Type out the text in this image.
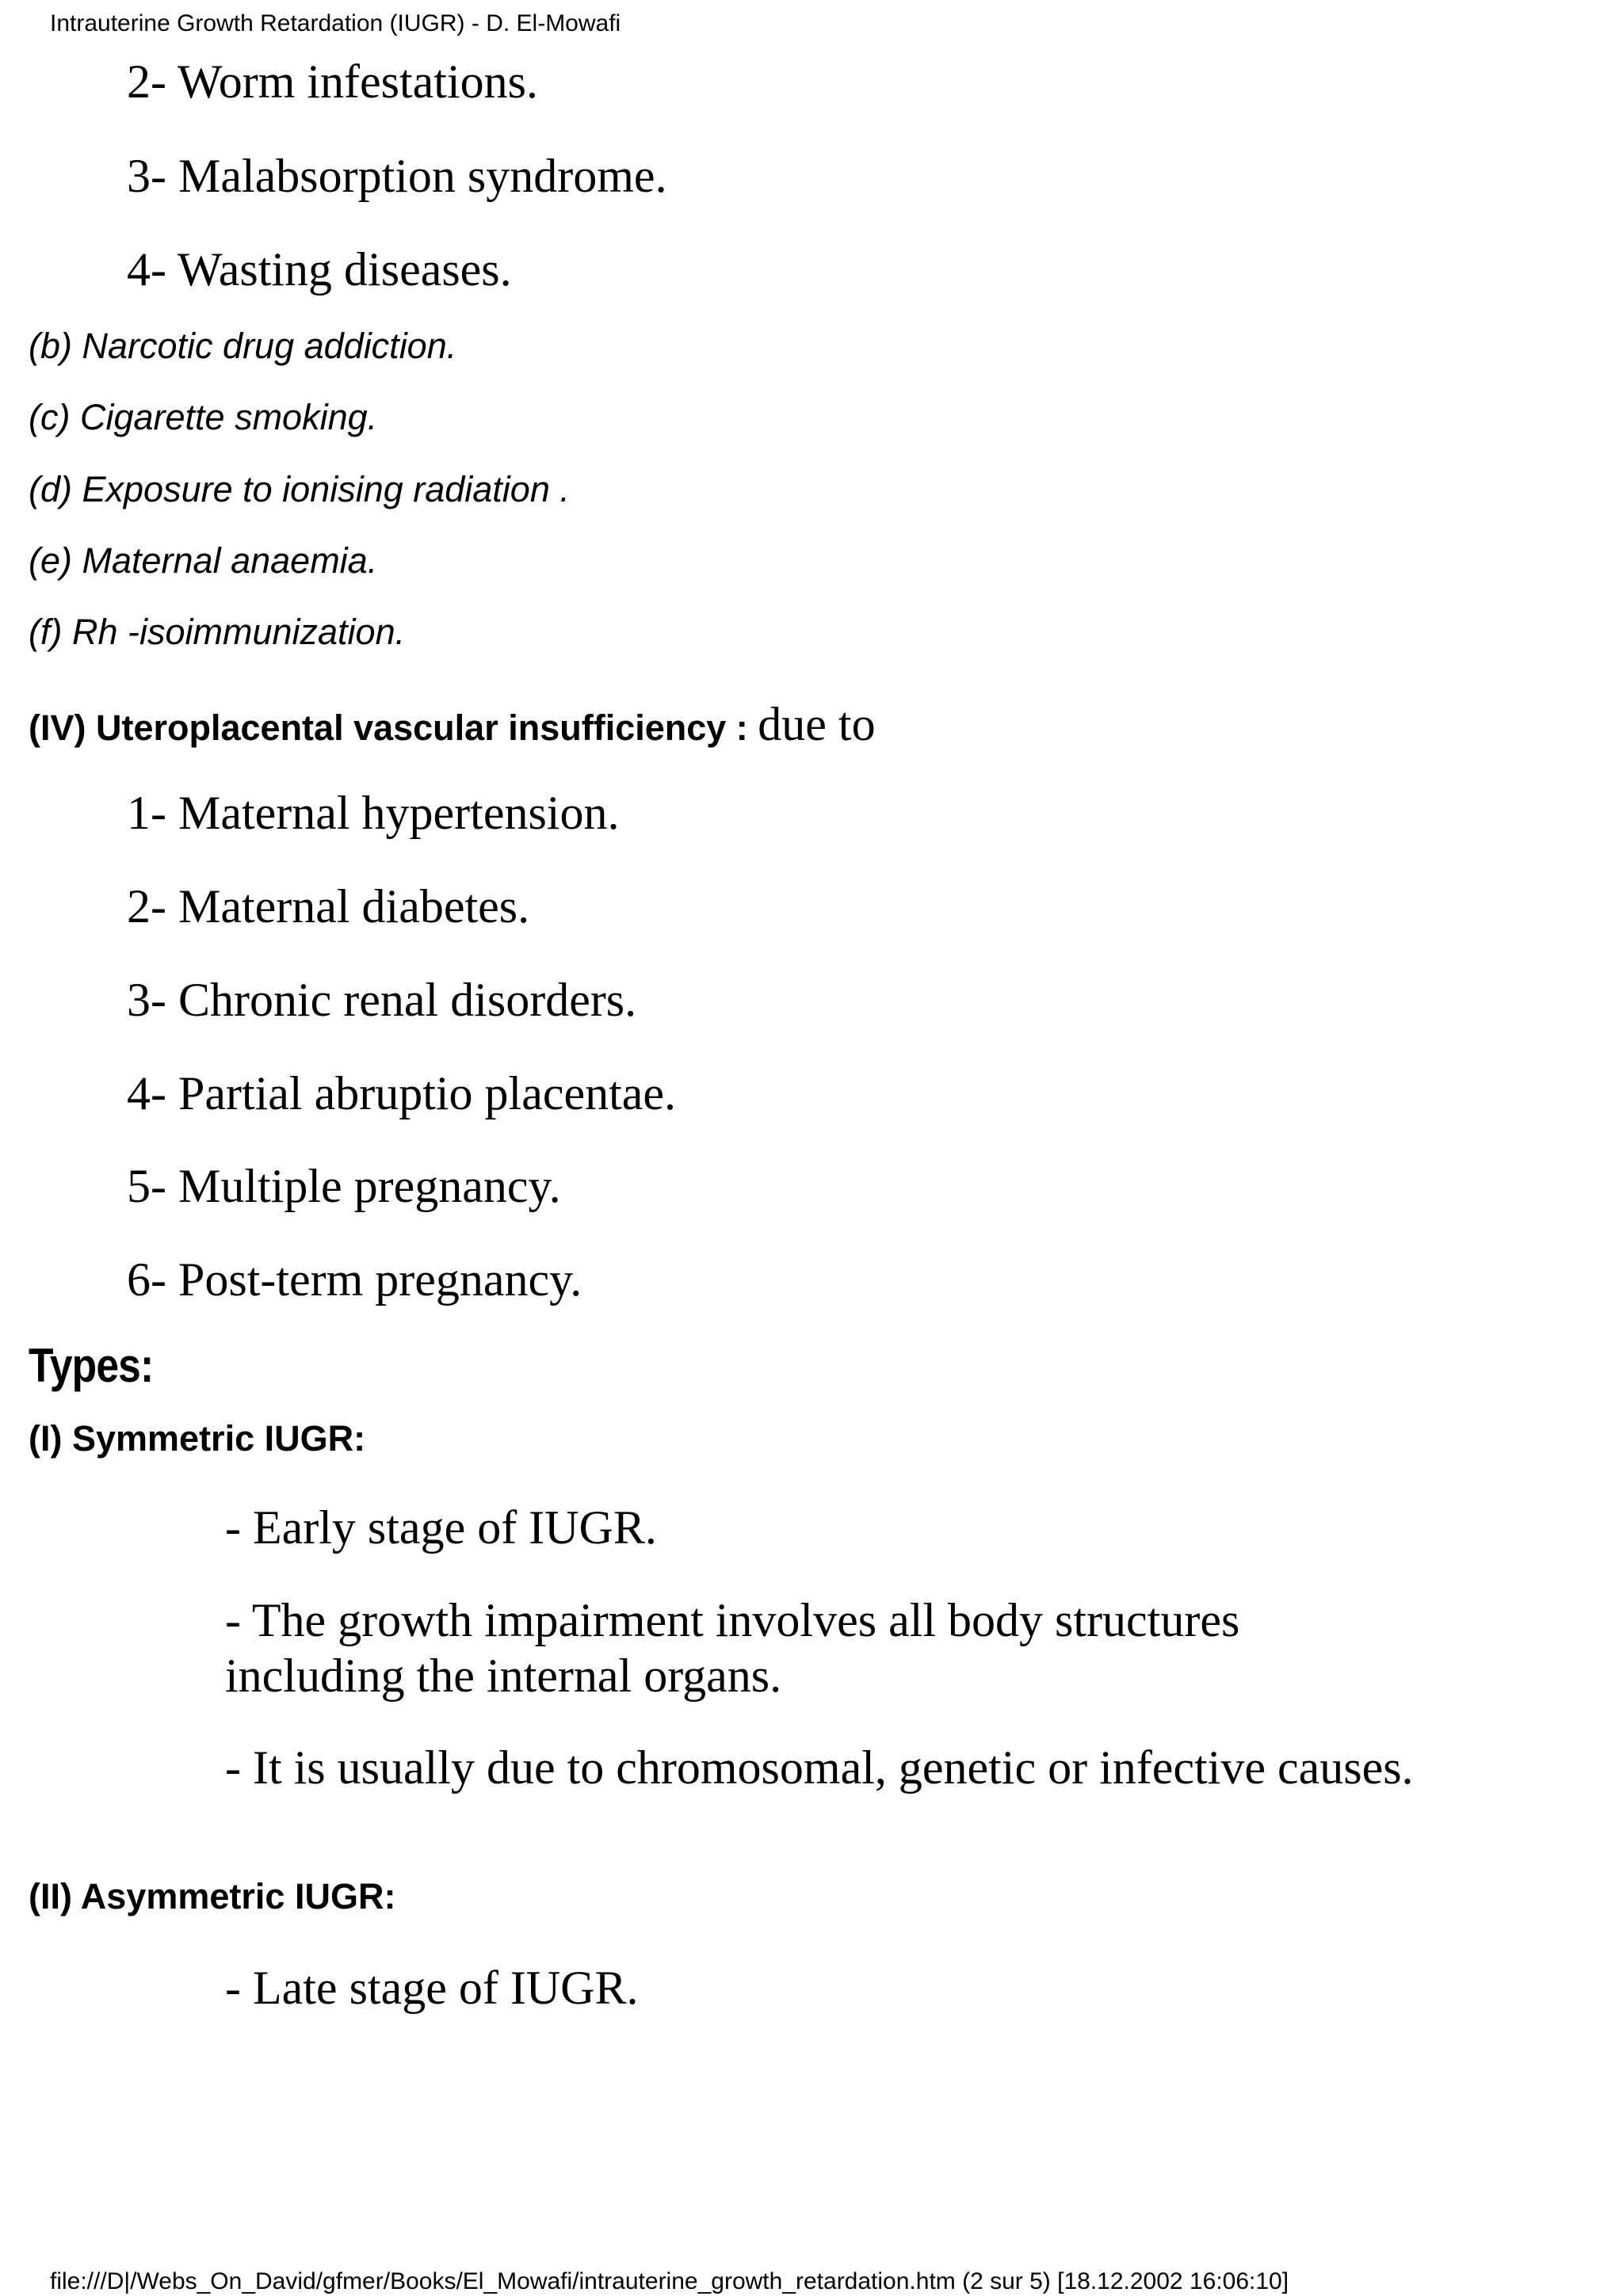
Intrauterine Growth Retardation (IUGR) - D. El-Mowafi
2- Worm infestations.
3- Malabsorption syndrome.
4- Wasting diseases.
(b) Narcotic drug addiction.
(c) Cigarette smoking.
(d) Exposure to ionising radiation .
(e) Maternal anaemia.
(f) Rh -isoimmunization.
(IV) Uteroplacental vascular insufficiency : due to
1- Maternal hypertension.
2- Maternal diabetes.
3- Chronic renal disorders.
4- Partial abruptio placentae.
5- Multiple pregnancy.
6- Post-term pregnancy.
Types:
(I) Symmetric IUGR:
- Early stage of IUGR.
- The growth impairment involves all body structures including the internal organs.
- It is usually due to chromosomal, genetic or infective causes.
(II) Asymmetric IUGR:
- Late stage of IUGR.
file:///D|/Webs_On_David/gfmer/Books/El_Mowafi/intrauterine_growth_retardation.htm (2 sur 5) [18.12.2002 16:06:10]
